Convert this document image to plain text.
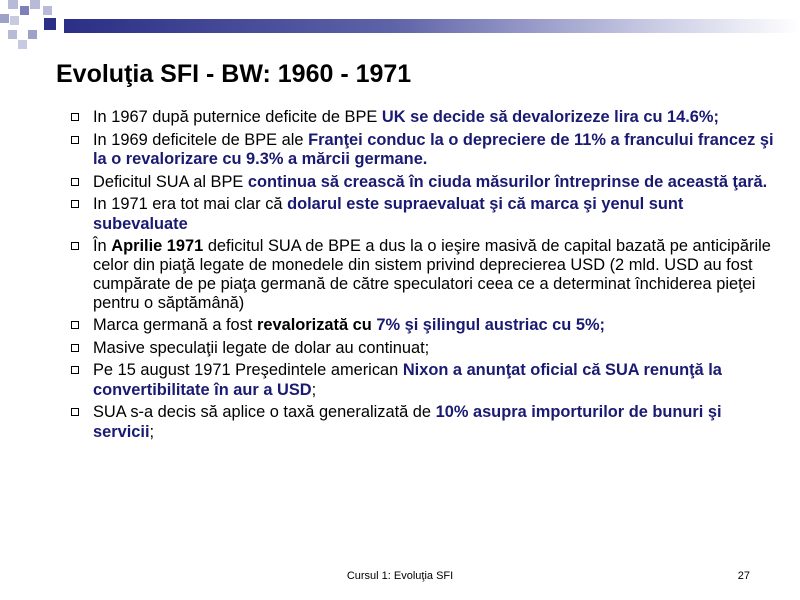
Evoluţia SFI - BW: 1960 - 1971
In 1967 după puternice deficite de BPE UK se decide să devalorizeze lira cu 14.6%;
In 1969 deficitele de BPE ale Franţei conduc la o depreciere de 11% a francului francez şi la o revalorizare cu 9.3% a mărcii germane.
Deficitul SUA al BPE continua să crească în ciuda măsurilor întreprinse de această ţară.
In 1971 era tot mai clar că dolarul este supraevaluat şi că marca şi yenul sunt subevaluate
În Aprilie 1971 deficitul SUA de BPE a dus la o ieşire masivă de capital bazată pe anticipările celor din piaţă legate de monedele din sistem privind deprecierea USD (2 mld. USD au fost cumpărate de pe piaţa germană de către speculatori ceea ce a determinat închiderea pieţei pentru o săptămână)
Marca germană a fost revalorizată cu 7% şi şilingul austriac cu 5%;
Masive speculaţii legate de dolar au continuat;
Pe 15 august 1971 Preşedintele american Nixon a anunţat oficial că SUA renunţă la convertibilitate în aur a USD;
SUA s-a decis să aplice o taxă generalizată de 10% asupra importurilor de bunuri şi servicii;
Cursul 1: Evoluţia SFI	27
